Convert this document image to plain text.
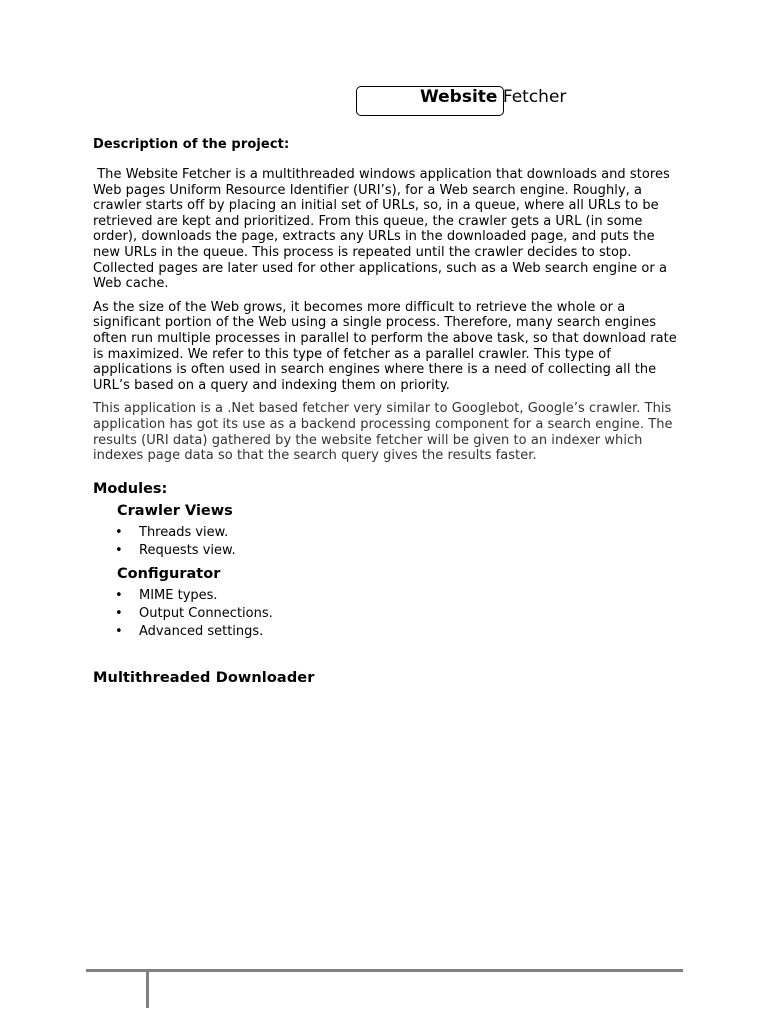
Website Fetcher
Description of the project:

The Website Fetcher is a multithreaded windows application that downloads and stores Web pages Uniform Resource Identifier (URI’s), for a Web search engine. Roughly, a crawler starts off by placing an initial set of URLs, so, in a queue, where all URLs to be retrieved are kept and prioritized. From this queue, the crawler gets a URL (in some order), downloads the page, extracts any URLs in the downloaded page, and puts the new URLs in the queue. This process is repeated until the crawler decides to stop. Collected pages are later used for other applications, such as a Web search engine or a Web cache.

As the size of the Web grows, it becomes more difficult to retrieve the whole or a significant portion of the Web using a single process. Therefore, many search engines often run multiple processes in parallel to perform the above task, so that download rate is maximized. We refer to this type of fetcher as a parallel crawler. This type of applications is often used in search engines where there is a need of collecting all the URL’s based on a query and indexing them on priority.

This application is a .Net based fetcher very similar to Googlebot, Google’s crawler. This application has got its use as a backend processing component for a search engine. The results (URI data) gathered by the website fetcher will be given to an indexer which indexes page data so that the search query gives the results faster.

Modules:
Crawler Views
• Threads view.
• Requests view.
Configurator
• MIME types.
• Output Connections.
• Advanced settings.
Multithreaded Downloader
